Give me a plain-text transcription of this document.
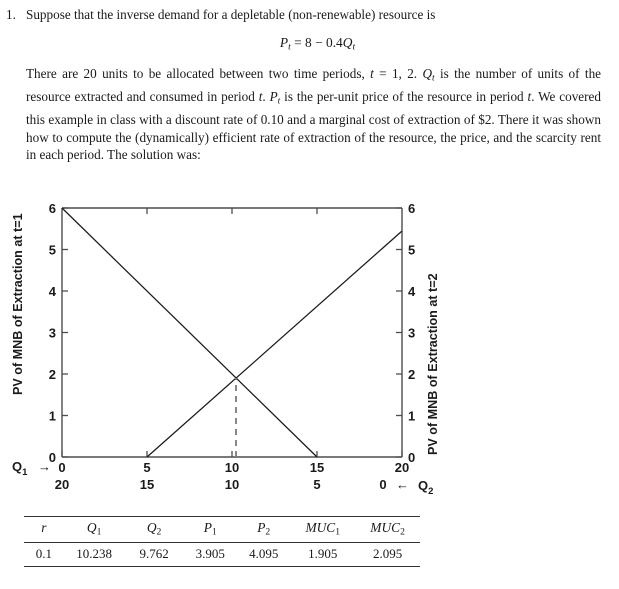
1. Suppose that the inverse demand for a depletable (non-renewable) resource is
$P_t = 8 - 0.4Q_t$

There are 20 units to be allocated between two time periods, t = 1, 2. $Q_t$ is the number of units of the resource extracted and consumed in period t. $P_t$ is the per-unit price of the resource in period t. We covered this example in class with a discount rate of 0.10 and a marginal cost of extraction of $2. There it was shown how to compute the (dynamically) efficient rate of extraction of the resource, the price, and the scarcity rent in each period. The solution was:

6
5
4
3
2
1
0
6
5
4
3
2
1
0
0	5	10	15	20
20	15	10	5	0
$Q_1$ →
← $Q_2$
PV of MNB of Extraction at t=1	PV of MNB of Extraction at t=2
r	$Q_1$	$Q_2$	$P_1$	$P_2$	$MUC_1$	$MUC_2$
0.1	10.238	9.762	3.905	4.095	1.905	2.095
